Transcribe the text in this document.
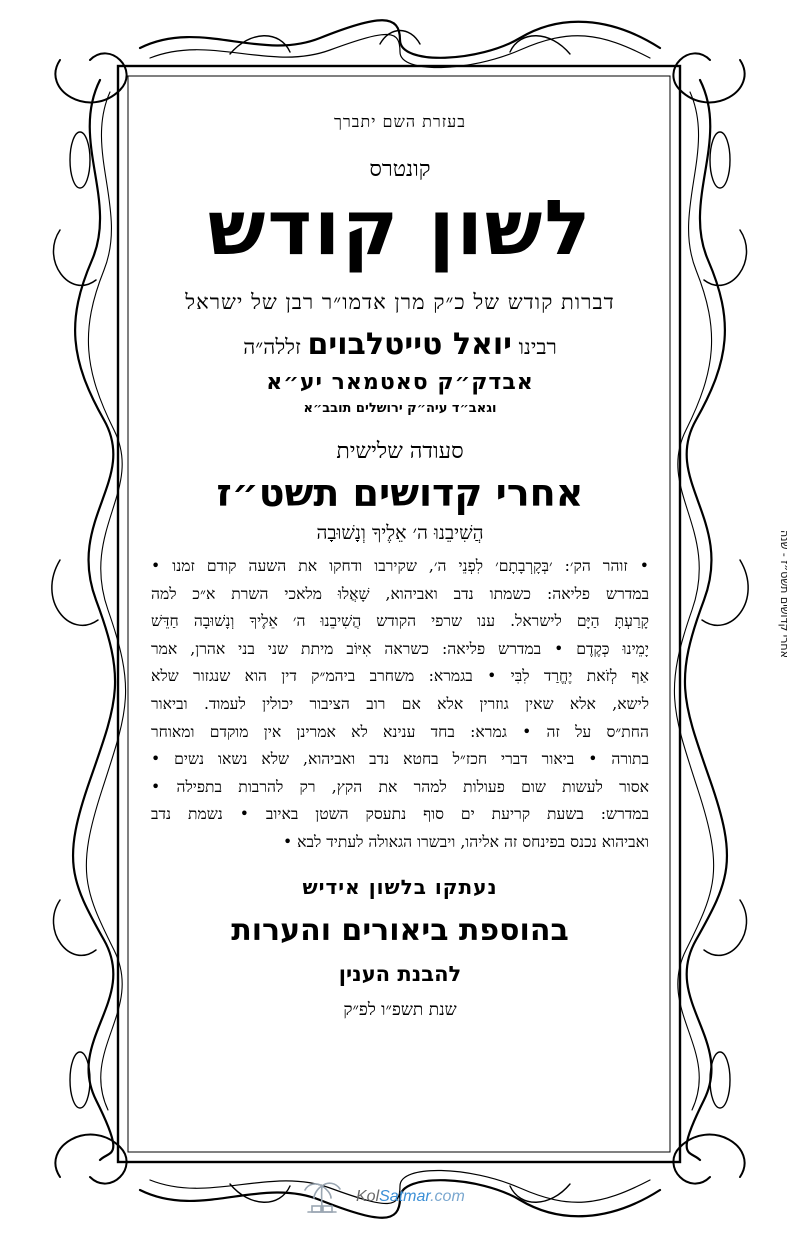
בעזרת השם יתברך

קונטרס

לשון קודש

דברות קודש של כ״ק מרן אדמו״ר רבן של ישראל

רבינו יואל טייטלבוים זללה״ה

אבדק״ק סאטמאר יע״א

וגאב״ד עיה״ק ירושלים תובב״א

סעודה שלישית

אחרי קדושים תשט״ז

הֲשִׁיבֵנוּ ה׳ אֵלֶיךָ וְנָשׁוּבָה

• זוהר הק׳: ׳בְּקָרְבָתָם׳ לִפְנֵי ה׳, שקירבו ודחקו את השעה קודם זמנו •
במדרש פליאה: כשמתו נדב ואביהוא, שָׁאֲלוּ מלאכי השרת א״כ למה
קָרַעְתָּ הַיָּם לישראל. ענו שרפי הקודש הֲשִׁיבֵנוּ ה׳ אֵלֶיךָ וְנָשׁוּבָה חַדֵּשׁ
יָמֵינוּ כְּקֶדֶם • במדרש פליאה: כשראה אִיּוֹב מיתת שני בני אהרן, אמר
אַף לְזֹאת יֶחֱרַד לִבִּי • בגמרא: משחרב ביהמ״ק דין הוא שנגזור שלא
לישא, אלא שאין גוזרין אלא אם רוב הציבור יכולין לעמוד. וביאור
החת״ס על זה • גמרא: בחד ענינא לא אמרינן אין מוקדם ומאוחר
בתורה • ביאור דברי חכז״ל בחטא נדב ואביהוא, שלא נשאו נשים •
אסור לעשות שום פעולות למהר את הקץ, רק להרבות בתפילה •
במדרש: בשעת קריעת ים סוף נתעסק השטן באיוב • נשמת נדב
ואביהוא נכנס בפינחס זה אליהו, ויבשרו הגאולה לעתיד לבא •

נעתקו בלשון אידיש

בהוספת ביאורים והערות

להבנת הענין

שנת תשפ״ו לפ״ק

אחרי קדושים תשט״ז - שנה
KolSatmar.com
